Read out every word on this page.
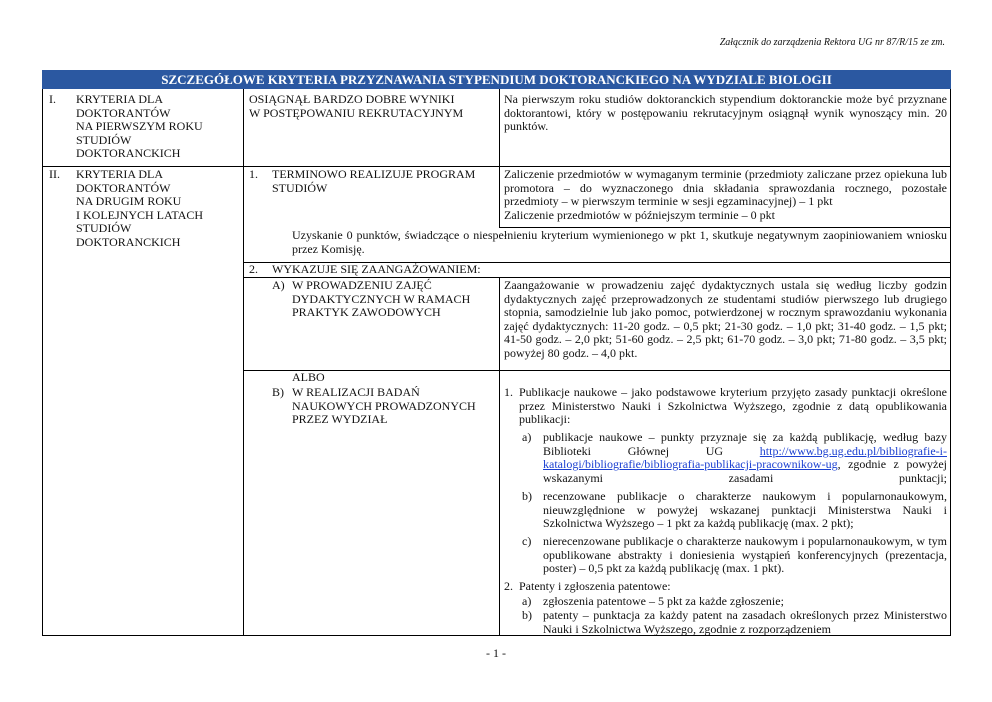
Załącznik do zarządzenia Rektora UG nr 87/R/15 ze zm.
SZCZEGÓŁOWE KRYTERIA PRZYZNAWANIA STYPENDIUM DOKTORANCKIEGO NA WYDZIALE BIOLOGII
I. KRYTERIA DLA
DOKTORANTÓW
NA PIERWSZYM ROKU
STUDIÓW
DOKTORANCKICH
OSIĄGNĄŁ BARDZO DOBRE WYNIKI
W POSTĘPOWANIU REKRUTACYJNYM
Na pierwszym roku studiów doktoranckich stypendium doktoranckie może być przyznane doktorantowi, który w postępowaniu rekrutacyjnym osiągnął wynik wynoszący min. 20 punktów.
II. KRYTERIA DLA
DOKTORANTÓW
NA DRUGIM ROKU
I KOLEJNYCH LATACH
STUDIÓW
DOKTORANCKICH
1. TERMINOWO REALIZUJE PROGRAM
STUDIÓW
Zaliczenie przedmiotów w wymaganym terminie (przedmioty zaliczane przez opiekuna lub promotora – do wyznaczonego dnia składania sprawozdania rocznego, pozostałe przedmioty – w pierwszym terminie w sesji egzaminacyjnej) – 1 pkt
Zaliczenie przedmiotów w późniejszym terminie – 0 pkt
Uzyskanie 0 punktów, świadczące o niespełnieniu kryterium wymienionego w pkt 1, skutkuje negatywnym zaopiniowaniem wniosku przez Komisję.
2. WYKAZUJE SIĘ ZAANGAŻOWANIEM:
A) W PROWADZENIU ZAJĘĆ
DYDAKTYCZNYCH W RAMACH
PRAKTYK ZAWODOWYCH
Zaangażowanie w prowadzeniu zajęć dydaktycznych ustala się według liczby godzin dydaktycznych zajęć przeprowadzonych ze studentami studiów pierwszego lub drugiego stopnia, samodzielnie lub jako pomoc, potwierdzonej w rocznym sprawozdaniu wykonania zajęć dydaktycznych: 11-20 godz. – 0,5 pkt; 21-30 godz. – 1,0 pkt; 31-40 godz. – 1,5 pkt; 41-50 godz. – 2,0 pkt; 51-60 godz. – 2,5 pkt; 61-70 godz. – 3,0 pkt; 71-80 godz. – 3,5 pkt; powyżej 80 godz. – 4,0 pkt.
ALBO
B) W REALIZACJI BADAŃ
NAUKOWYCH PROWADZONYCH
PRZEZ WYDZIAŁ
1. Publikacje naukowe – jako podstawowe kryterium przyjęto zasady punktacji określone przez Ministerstwo Nauki i Szkolnictwa Wyższego, zgodnie z datą opublikowania publikacji:
a) publikacje naukowe – punkty przyznaje się za każdą publikację, według bazy Biblioteki Głównej UG	http://www.bg.ug.edu.pl/bibliografie-i-katalogi/bibliografie/bibliografia-publikacji-pracownikow-ug, zgodnie z powyżej wskazanymi zasadami punktacji;
b) recenzowane publikacje o charakterze naukowym i popularnonaukowym, nieuwzględnione w powyżej wskazanej punktacji Ministerstwa Nauki i Szkolnictwa Wyższego – 1 pkt za każdą publikację (max. 2 pkt);
c) nierecenzowane publikacje o charakterze naukowym i popularnonaukowym, w tym opublikowane abstrakty i doniesienia wystąpień konferencyjnych (prezentacja, poster) – 0,5 pkt za każdą publikację (max. 1 pkt).
2. Patenty i zgłoszenia patentowe:
a) zgłoszenia patentowe – 5 pkt za każde zgłoszenie;
b) patenty – punktacja za każdy patent na zasadach określonych przez Ministerstwo Nauki i Szkolnictwa Wyższego, zgodnie z rozporządzeniem
- 1 -
